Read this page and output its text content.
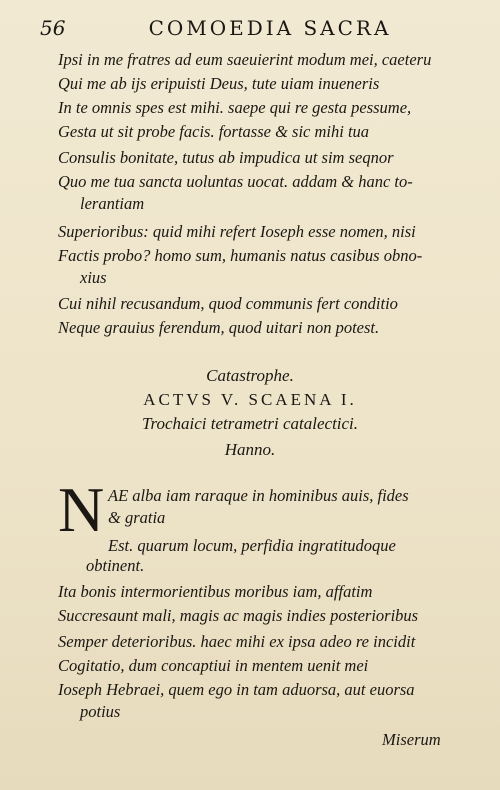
56	COMOEDIA SACRA
Ipsi in me fratres ad eum saeuierint modum mei, caeteru
Qui me ab ijs eripuisti Deus, tute uiam inueneris
In te omnis spes est mihi. saepe qui re gesta pessume,
Gesta ut sit probe facis. fortasse & sic mihi tua
Consulis bonitate, tutus ab impudica ut sim seqnor
Quo me tua sancta uoluntas uocat. addam & hanc to-
lerantiam
Superioribus: quid mihi refert Ioseph esse nomen, nisi
Factis probo? homo sum, humanis natus casibus obno-
xius
Cui nihil recusandum, quod communis fert conditio
Neque grauius ferendum, quod uitari non potest.
Catastrophe.
ACTVS V. SCAENA I.
Trochaici tetrametri catalectici.
Hanno.
N AE alba iam raraque in hominibus auis, fides
& gratia
Est. quarum locum, perfidia ingratitudoque
obtinent.
Ita bonis intermorientibus moribus iam, affatim
Succresaunt mali, magis ac magis indies posterioribus
Semper deterioribus. haec mihi ex ipsa adeo re incidit
Cogitatio, dum concaptiui in mentem uenit mei
Ioseph Hebraei, quem ego in tam aduorsa, aut euorsa
potius
Miserum
